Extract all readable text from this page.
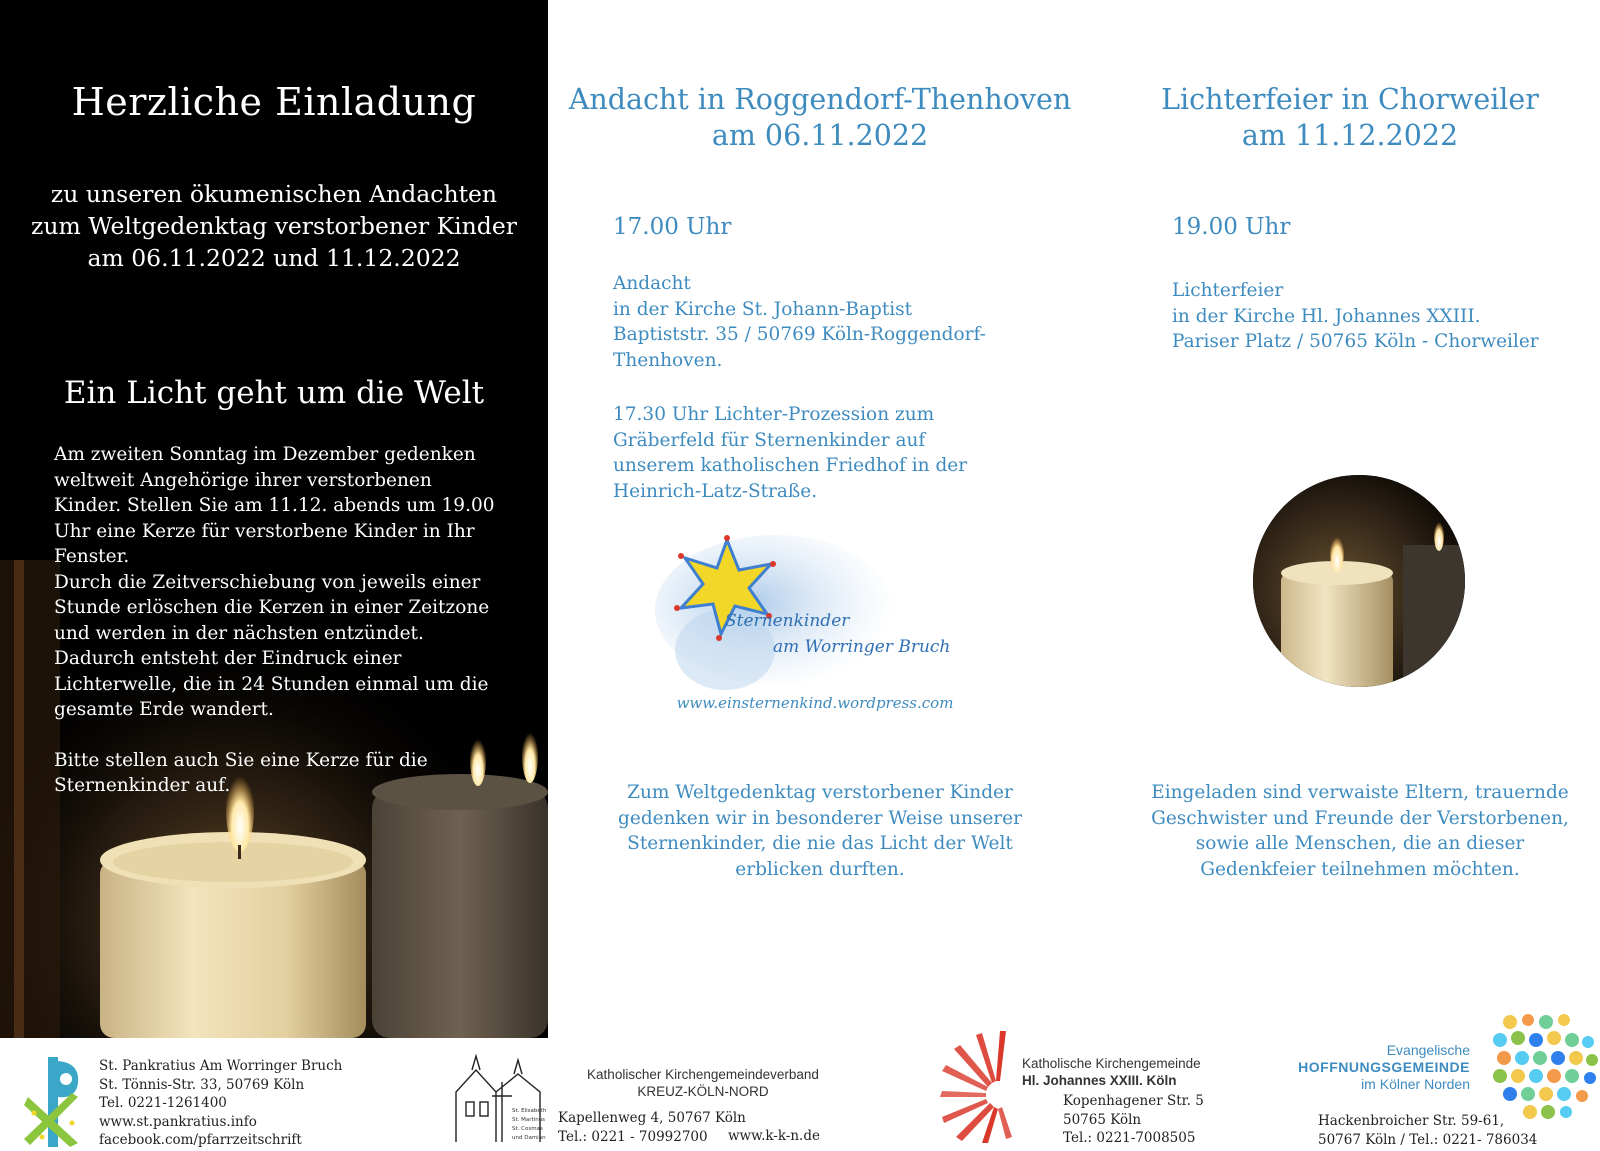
Herzliche Einladung
zu unseren ökumenischen Andachten
zum Weltgedenktag verstorbener Kinder
am 06.11.2022 und 11.12.2022
Ein Licht geht um die Welt
Am zweiten Sonntag im Dezember gedenken
weltweit Angehörige ihrer verstorbenen
Kinder. Stellen Sie am 11.12. abends um 19.00
Uhr eine Kerze für verstorbene Kinder in Ihr
Fenster.
Durch die Zeitverschiebung von jeweils einer
Stunde erlöschen die Kerzen in einer Zeitzone
und werden in der nächsten entzündet.
Dadurch entsteht der Eindruck einer
Lichterwelle, die in 24 Stunden einmal um die
gesamte Erde wandert.
Bitte stellen auch Sie eine Kerze für die
Sternenkinder auf.
Andacht in Roggendorf-Thenhoven
am 06.11.2022
17.00 Uhr
Andacht
in der Kirche St. Johann-Baptist
Baptiststr. 35 / 50769 Köln-Roggendorf-
Thenhoven.
17.30 Uhr Lichter-Prozession zum
Gräberfeld für Sternenkinder auf
unserem katholischen Friedhof in der
Heinrich-Latz-Straße.
Sternenkinder
am Worringer Bruch
www.einsternenkind.wordpress.com
Zum Weltgedenktag verstorbener Kinder
gedenken wir in besonderer Weise unserer
Sternenkinder, die nie das Licht der Welt
erblicken durften.
Lichterfeier in Chorweiler
am 11.12.2022
19.00 Uhr
Lichterfeier
in der Kirche Hl. Johannes XXIII.
Pariser Platz / 50765 Köln - Chorweiler
Eingeladen sind verwaiste Eltern, trauernde
Geschwister und Freunde der Verstorbenen,
sowie alle Menschen, die an dieser
Gedenkfeier teilnehmen möchten.
St. Pankratius Am Worringer Bruch
St. Tönnis-Str. 33, 50769 Köln
Tel. 0221-1261400
www.st.pankratius.info
facebook.com/pfarrzeitschrift
St. Elisabeth
St. Martinus
St. Cosmas
und Damian
Katholischer Kirchengemeindeverband
KREUZ-KÖLN-NORD
Kapellenweg 4, 50767 Köln
Tel.: 0221 - 70992700	www.k-k-n.de
Katholische Kirchengemeinde
Hl. Johannes XXIII. Köln
Kopenhagener Str. 5
50765 Köln
Tel.: 0221-7008505
Evangelische
HOFFNUNGSGEMEINDE
im Kölner Norden
Hackenbroicher Str. 59-61,
50767 Köln / Tel.: 0221- 786034
